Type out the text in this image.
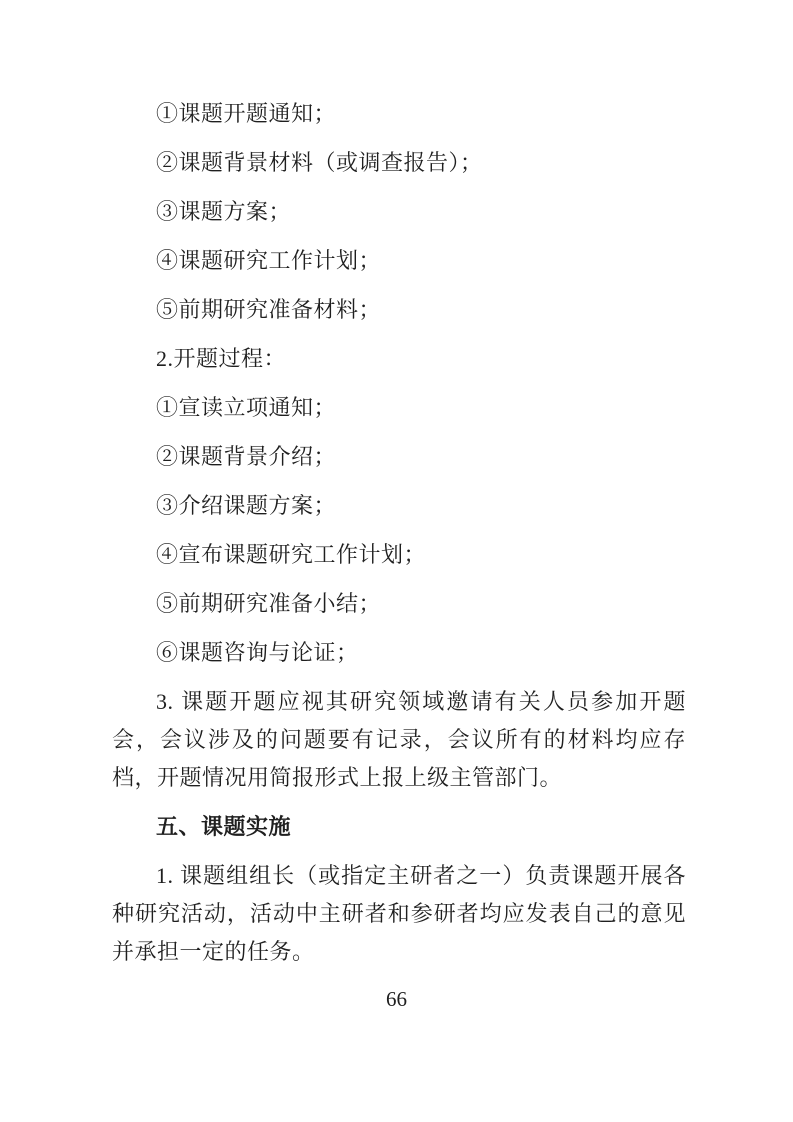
①课题开题通知；

②课题背景材料（或调查报告）；

③课题方案；

④课题研究工作计划；

⑤前期研究准备材料；

2.开题过程：

①宣读立项通知；

②课题背景介绍；

③介绍课题方案；

④宣布课题研究工作计划；

⑤前期研究准备小结；

⑥课题咨询与论证；

3. 课题开题应视其研究领域邀请有关人员参加开题会，会议涉及的问题要有记录，会议所有的材料均应存档，开题情况用简报形式上报上级主管部门。

五、课题实施

1. 课题组组长（或指定主研者之一）负责课题开展各种研究活动，活动中主研者和参研者均应发表自己的意见并承担一定的任务。

66
